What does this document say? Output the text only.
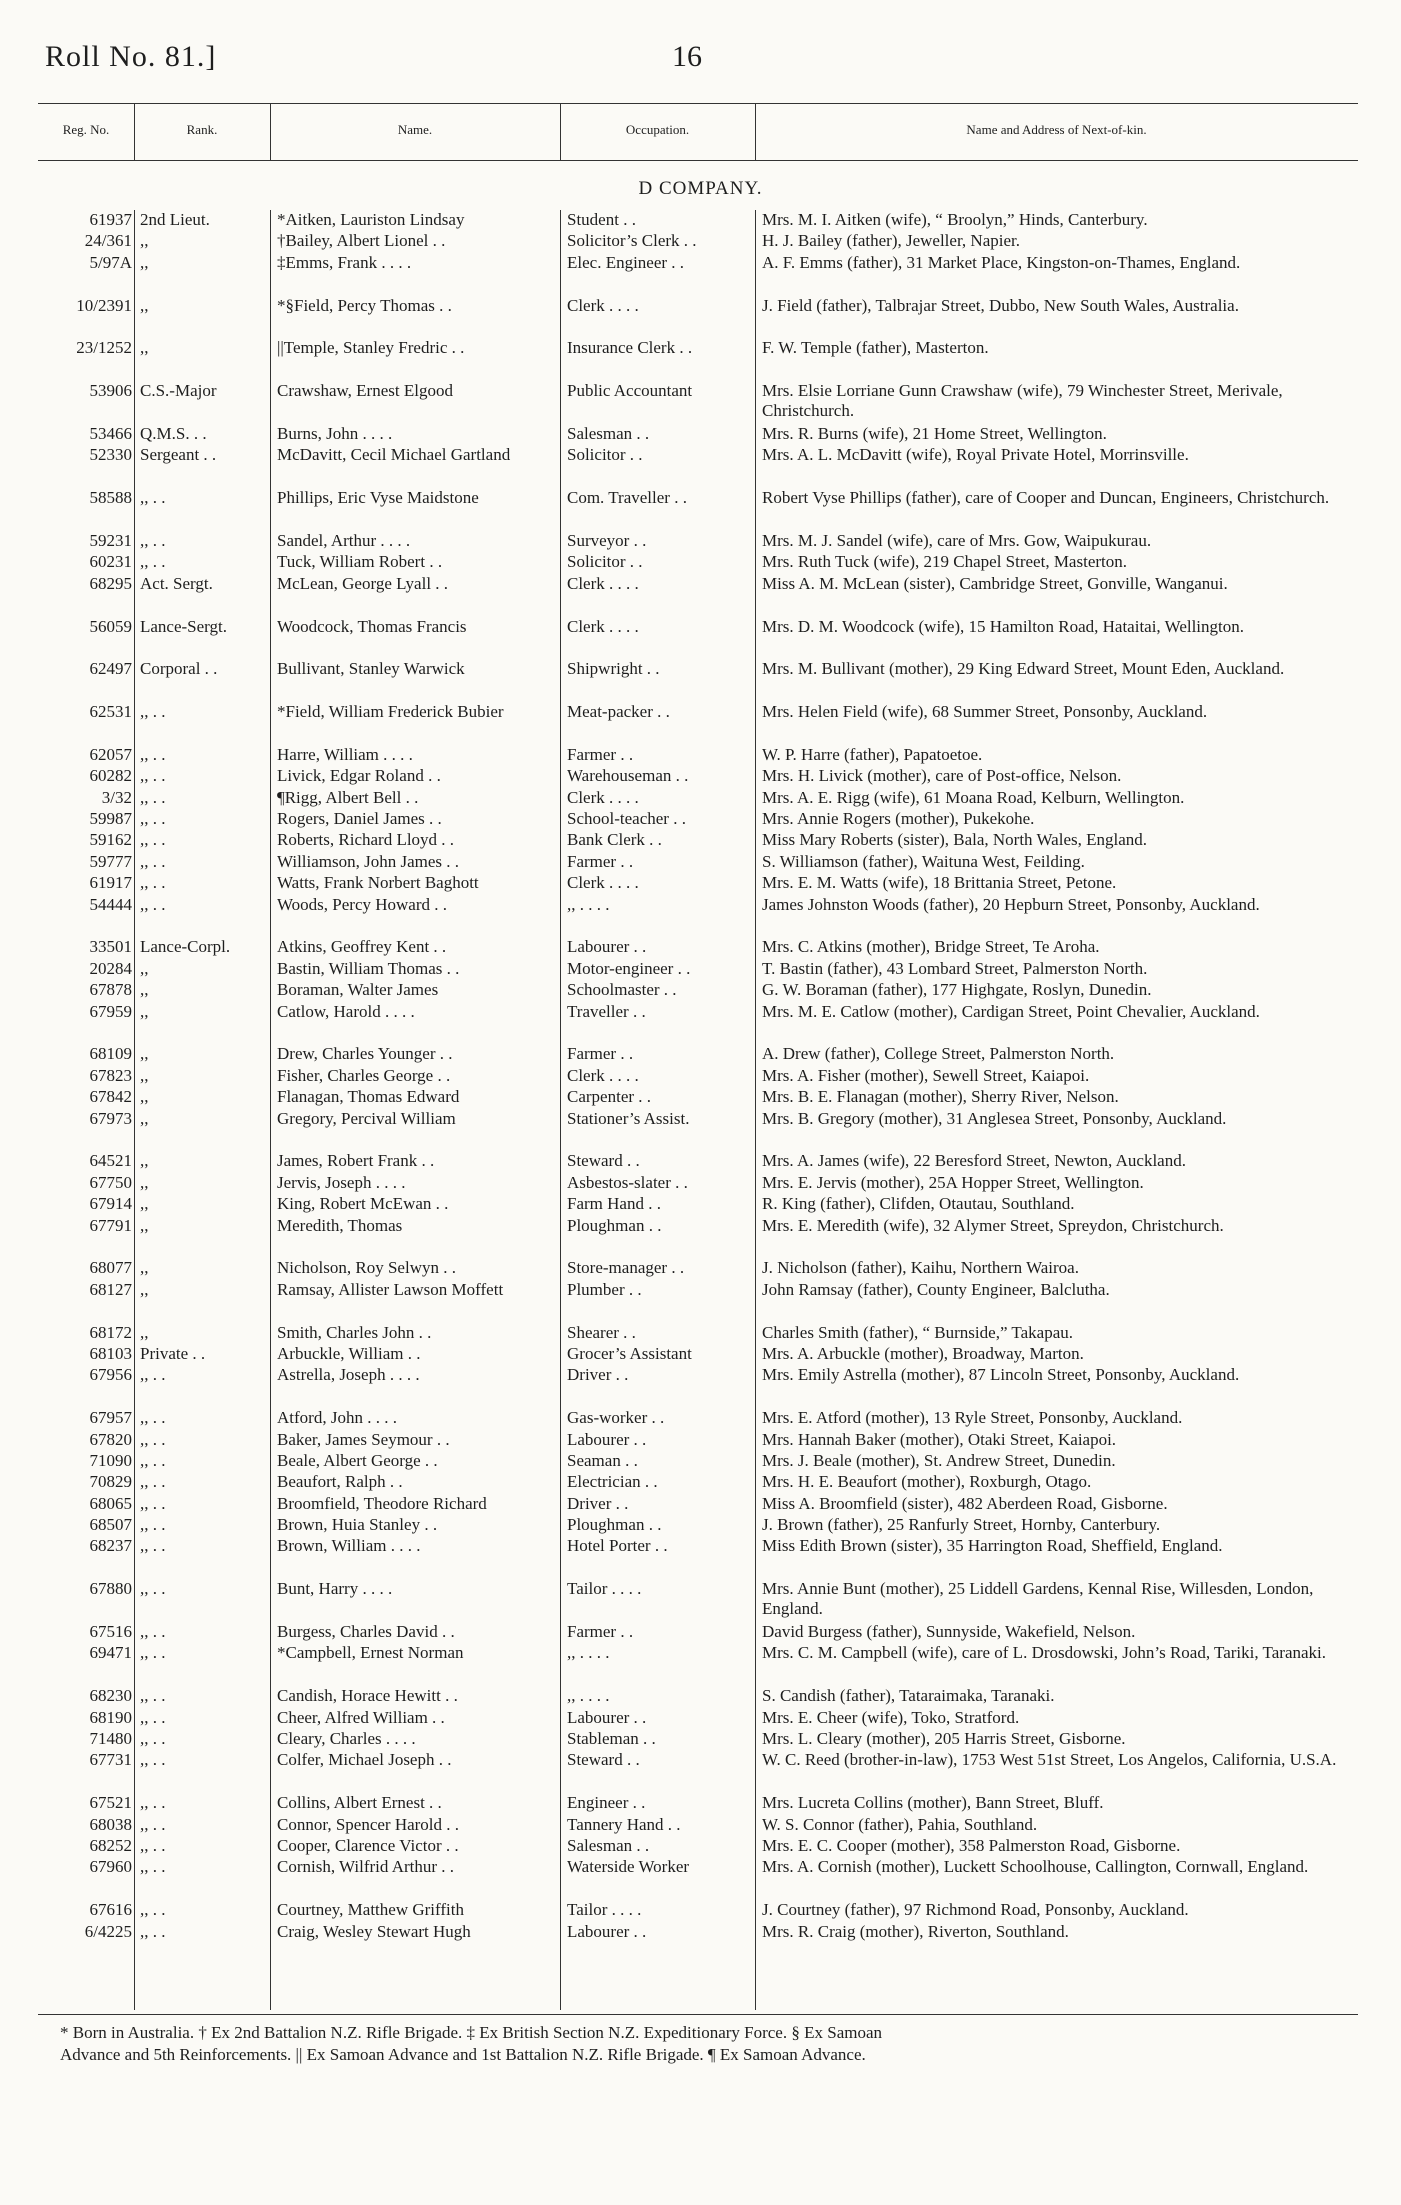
Roll No. 81.]	16
Reg. No.	Rank.	Name.	Occupation.	Name and Address of Next-of-kin.
D COMPANY.
61937 2nd Lieut.	*Aitken, Lauriston Lindsay	Student . .	Mrs. M. I. Aitken (wife), “ Broolyn,” Hinds, Canterbury.
24/361 ,,	†Bailey, Albert Lionel . .	Solicitor’s Clerk . .	H. J. Bailey (father), Jeweller, Napier.
5/97A ,,	‡Emms, Frank . . . .	Elec. Engineer . .	A. F. Emms (father), 31 Market Place, Kingston-on-Thames, England.
10/2391 ,,	*§Field, Percy Thomas . .	Clerk . . . .	J. Field (father), Talbrajar Street, Dubbo, New South Wales, Australia.
23/1252 ,,	||Temple, Stanley Fredric . .	Insurance Clerk . .	F. W. Temple (father), Masterton.
53906 C.S.-Major	Crawshaw, Ernest Elgood	Public Accountant	Mrs. Elsie Lorriane Gunn Crawshaw (wife), 79 Winchester Street, Merivale, Christchurch.
53466 Q.M.S. . .	Burns, John . . . .	Salesman . .	Mrs. R. Burns (wife), 21 Home Street, Wellington.
52330 Sergeant . .	McDavitt, Cecil Michael Gartland	Solicitor . .	Mrs. A. L. McDavitt (wife), Royal Private Hotel, Morrinsville.
58588 ,, . .	Phillips, Eric Vyse Maidstone	Com. Traveller . .	Robert Vyse Phillips (father), care of Cooper and Duncan, Engineers, Christchurch.
59231 ,, . .	Sandel, Arthur . . . .	Surveyor . .	Mrs. M. J. Sandel (wife), care of Mrs. Gow, Waipukurau.
60231 ,, . .	Tuck, William Robert . .	Solicitor . .	Mrs. Ruth Tuck (wife), 219 Chapel Street, Masterton.
68295 Act. Sergt.	McLean, George Lyall . .	Clerk . . . .	Miss A. M. McLean (sister), Cambridge Street, Gonville, Wanganui.
56059 Lance-Sergt.	Woodcock, Thomas Francis	Clerk . . . .	Mrs. D. M. Woodcock (wife), 15 Hamilton Road, Hataitai, Wellington.
62497 Corporal . .	Bullivant, Stanley Warwick	Shipwright . .	Mrs. M. Bullivant (mother), 29 King Edward Street, Mount Eden, Auckland.
62531 ,, . .	*Field, William Frederick Bubier	Meat-packer . .	Mrs. Helen Field (wife), 68 Summer Street, Ponsonby, Auckland.
62057 ,, . .	Harre, William . . . .	Farmer . .	W. P. Harre (father), Papatoetoe.
60282 ,, . .	Livick, Edgar Roland . .	Warehouseman . .	Mrs. H. Livick (mother), care of Post-office, Nelson.
3/32 ,, . .	¶Rigg, Albert Bell . .	Clerk . . . .	Mrs. A. E. Rigg (wife), 61 Moana Road, Kelburn, Wellington.
59987 ,, . .	Rogers, Daniel James . .	School-teacher . .	Mrs. Annie Rogers (mother), Pukekohe.
59162 ,, . .	Roberts, Richard Lloyd . .	Bank Clerk . .	Miss Mary Roberts (sister), Bala, North Wales, England.
59777 ,, . .	Williamson, John James . .	Farmer . .	S. Williamson (father), Waituna West, Feilding.
61917 ,, . .	Watts, Frank Norbert Baghott	Clerk . . . .	Mrs. E. M. Watts (wife), 18 Brittania Street, Petone.
54444 ,, . .	Woods, Percy Howard . .	,, . . . .	James Johnston Woods (father), 20 Hepburn Street, Ponsonby, Auckland.
33501 Lance-Corpl.	Atkins, Geoffrey Kent . .	Labourer . .	Mrs. C. Atkins (mother), Bridge Street, Te Aroha.
20284 ,,	Bastin, William Thomas . .	Motor-engineer . .	T. Bastin (father), 43 Lombard Street, Palmerston North.
67878 ,,	Boraman, Walter James	Schoolmaster . .	G. W. Boraman (father), 177 Highgate, Roslyn, Dunedin.
67959 ,,	Catlow, Harold . . . .	Traveller . .	Mrs. M. E. Catlow (mother), Cardigan Street, Point Chevalier, Auckland.
68109 ,,	Drew, Charles Younger . .	Farmer . .	A. Drew (father), College Street, Palmerston North.
67823 ,,	Fisher, Charles George . .	Clerk . . . .	Mrs. A. Fisher (mother), Sewell Street, Kaiapoi.
67842 ,,	Flanagan, Thomas Edward	Carpenter . .	Mrs. B. E. Flanagan (mother), Sherry River, Nelson.
67973 ,,	Gregory, Percival William	Stationer’s Assist.	Mrs. B. Gregory (mother), 31 Anglesea Street, Ponsonby, Auckland.
64521 ,,	James, Robert Frank . .	Steward . .	Mrs. A. James (wife), 22 Beresford Street, Newton, Auckland.
67750 ,,	Jervis, Joseph . . . .	Asbestos-slater . .	Mrs. E. Jervis (mother), 25A Hopper Street, Wellington.
67914 ,,	King, Robert McEwan . .	Farm Hand . .	R. King (father), Clifden, Otautau, Southland.
67791 ,,	Meredith, Thomas	Ploughman . .	Mrs. E. Meredith (wife), 32 Alymer Street, Spreydon, Christchurch.
68077 ,,	Nicholson, Roy Selwyn . .	Store-manager . .	J. Nicholson (father), Kaihu, Northern Wairoa.
68127 ,,	Ramsay, Allister Lawson Moffett	Plumber . .	John Ramsay (father), County Engineer, Balclutha.
68172 ,,	Smith, Charles John . .	Shearer . .	Charles Smith (father), “ Burnside,” Takapau.
68103 Private . .	Arbuckle, William . .	Grocer’s Assistant	Mrs. A. Arbuckle (mother), Broadway, Marton.
67956 ,, . .	Astrella, Joseph . . . .	Driver . .	Mrs. Emily Astrella (mother), 87 Lincoln Street, Ponsonby, Auckland.
67957 ,, . .	Atford, John . . . .	Gas-worker . .	Mrs. E. Atford (mother), 13 Ryle Street, Ponsonby, Auckland.
67820 ,, . .	Baker, James Seymour . .	Labourer . .	Mrs. Hannah Baker (mother), Otaki Street, Kaiapoi.
71090 ,, . .	Beale, Albert George . .	Seaman . .	Mrs. J. Beale (mother), St. Andrew Street, Dunedin.
70829 ,, . .	Beaufort, Ralph . .	Electrician . .	Mrs. H. E. Beaufort (mother), Roxburgh, Otago.
68065 ,, . .	Broomfield, Theodore Richard	Driver . .	Miss A. Broomfield (sister), 482 Aberdeen Road, Gisborne.
68507 ,, . .	Brown, Huia Stanley . .	Ploughman . .	J. Brown (father), 25 Ranfurly Street, Hornby, Canterbury.
68237 ,, . .	Brown, William . . . .	Hotel Porter . .	Miss Edith Brown (sister), 35 Harrington Road, Sheffield, England.
67880 ,, . .	Bunt, Harry . . . .	Tailor . . . .	Mrs. Annie Bunt (mother), 25 Liddell Gardens, Kennal Rise, Willesden, London, England.
67516 ,, . .	Burgess, Charles David . .	Farmer . .	David Burgess (father), Sunnyside, Wakefield, Nelson.
69471 ,, . .	*Campbell, Ernest Norman	,, . . . .	Mrs. C. M. Campbell (wife), care of L. Drosdowski, John’s Road, Tariki, Taranaki.
68230 ,, . .	Candish, Horace Hewitt . .	,, . . . .	S. Candish (father), Tataraimaka, Taranaki.
68190 ,, . .	Cheer, Alfred William . .	Labourer . .	Mrs. E. Cheer (wife), Toko, Stratford.
71480 ,, . .	Cleary, Charles . . . .	Stableman . .	Mrs. L. Cleary (mother), 205 Harris Street, Gisborne.
67731 ,, . .	Colfer, Michael Joseph . .	Steward . .	W. C. Reed (brother-in-law), 1753 West 51st Street, Los Angelos, California, U.S.A.
67521 ,, . .	Collins, Albert Ernest . .	Engineer . .	Mrs. Lucreta Collins (mother), Bann Street, Bluff.
68038 ,, . .	Connor, Spencer Harold . .	Tannery Hand . .	W. S. Connor (father), Pahia, Southland.
68252 ,, . .	Cooper, Clarence Victor . .	Salesman . .	Mrs. E. C. Cooper (mother), 358 Palmerston Road, Gisborne.
67960 ,, . .	Cornish, Wilfrid Arthur . .	Waterside Worker	Mrs. A. Cornish (mother), Luckett Schoolhouse, Callington, Cornwall, England.
67616 ,, . .	Courtney, Matthew Griffith	Tailor . . . .	J. Courtney (father), 97 Richmond Road, Ponsonby, Auckland.
6/4225 ,, . .	Craig, Wesley Stewart Hugh	Labourer . .	Mrs. R. Craig (mother), Riverton, Southland.
* Born in Australia. † Ex 2nd Battalion N.Z. Rifle Brigade. ‡ Ex British Section N.Z. Expeditionary Force. § Ex Samoan
Advance and 5th Reinforcements. || Ex Samoan Advance and 1st Battalion N.Z. Rifle Brigade. ¶ Ex Samoan Advance.
